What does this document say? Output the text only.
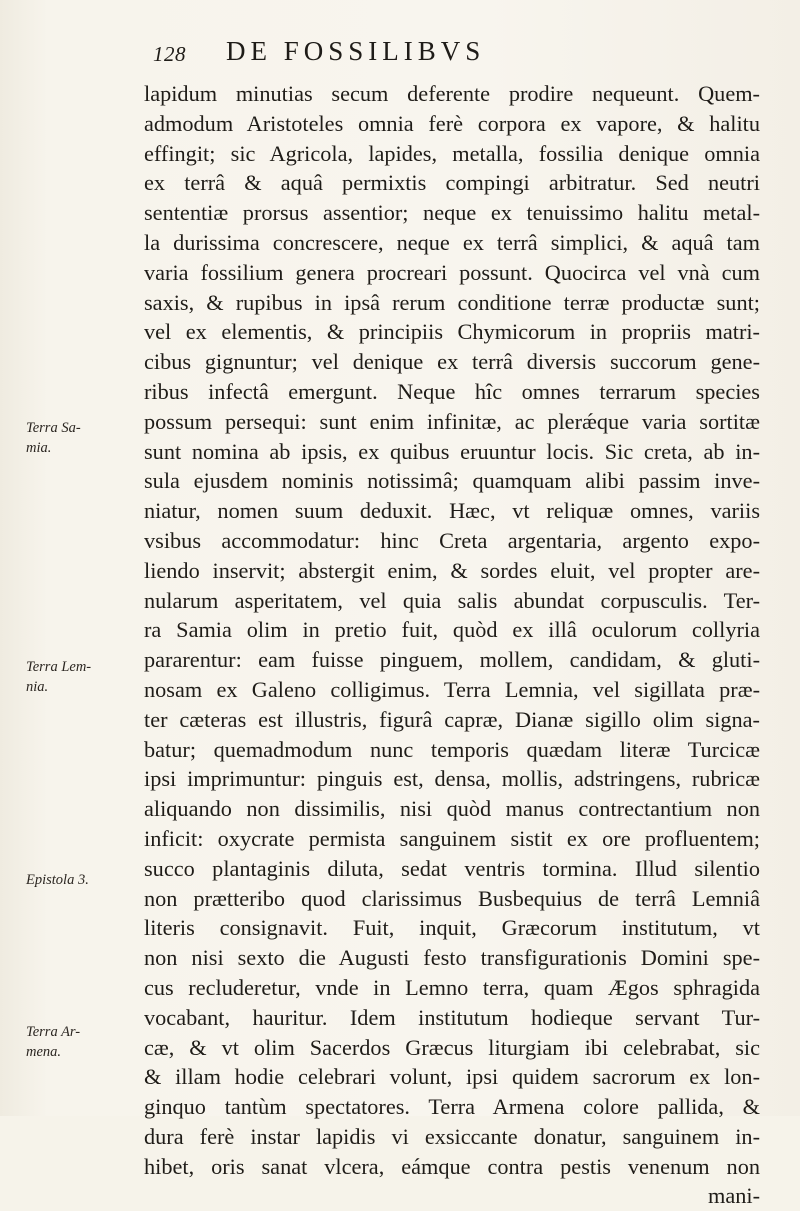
128 DE FOSSILIBVS
Terra Sa-
mia.
Terra Lem-
nia.
Epistola 3.
Terra Ar-
mena.
lapidum minutias secum deferente prodire nequeunt. Quem-
admodum Aristoteles omnia ferè corpora ex vapore, & halitu
effingit; sic Agricola, lapides, metalla, fossilia denique omnia
ex terrâ & aquâ permixtis compingi arbitratur. Sed neutri
sententiæ prorsus assentior; neque ex tenuissimo halitu metal-
la durissima concrescere, neque ex terrâ simplici, & aquâ tam
varia fossilium genera procreari possunt. Quocirca vel vnà cum
saxis, & rupibus in ipsâ rerum conditione terræ productæ sunt;
vel ex elementis, & principiis Chymicorum in propriis matri-
cibus gignuntur; vel denique ex terrâ diversis succorum gene-
ribus infectâ emergunt. Neque hîc omnes terrarum species
possum persequi: sunt enim infinitæ, ac plerǽque varia sortitæ
sunt nomina ab ipsis, ex quibus eruuntur locis. Sic creta, ab in-
sula ejusdem nominis notissimâ; quamquam alibi passim inve-
niatur, nomen suum deduxit. Hæc, vt reliquæ omnes, variis
vsibus accommodatur: hinc Creta argentaria, argento expo-
liendo inservit; abstergit enim, & sordes eluit, vel propter are-
nularum asperitatem, vel quia salis abundat corpusculis. Ter-
ra Samia olim in pretio fuit, quòd ex illâ oculorum collyria
pararentur: eam fuisse pinguem, mollem, candidam, & gluti-
nosam ex Galeno colligimus. Terra Lemnia, vel sigillata præ-
ter cæteras est illustris, figurâ capræ, Dianæ sigillo olim signa-
batur; quemadmodum nunc temporis quædam literæ Turcicæ
ipsi imprimuntur: pinguis est, densa, mollis, adstringens, rubricæ
aliquando non dissimilis, nisi quòd manus contrectantium non
inficit: oxycrate permista sanguinem sistit ex ore profluentem;
succo plantaginis diluta, sedat ventris tormina. Illud silentio
non prætteribo quod clarissimus Busbequius de terrâ Lemniâ
literis consignavit. Fuit, inquit, Græcorum institutum, vt
non nisi sexto die Augusti festo transfigurationis Domini spe-
cus recluderetur, vnde in Lemno terra, quam Ægos sphragida
vocabant, hauritur. Idem institutum hodieque servant Tur-
cæ, & vt olim Sacerdos Græcus liturgiam ibi celebrabat, sic
& illam hodie celebrari volunt, ipsi quidem sacrorum ex lon-
ginquo tantùm spectatores. Terra Armena colore pallida, &
dura ferè instar lapidis vi exsiccante donatur, sanguinem in-
hibet, oris sanat vlcera, eámque contra pestis venenum non
mani-
